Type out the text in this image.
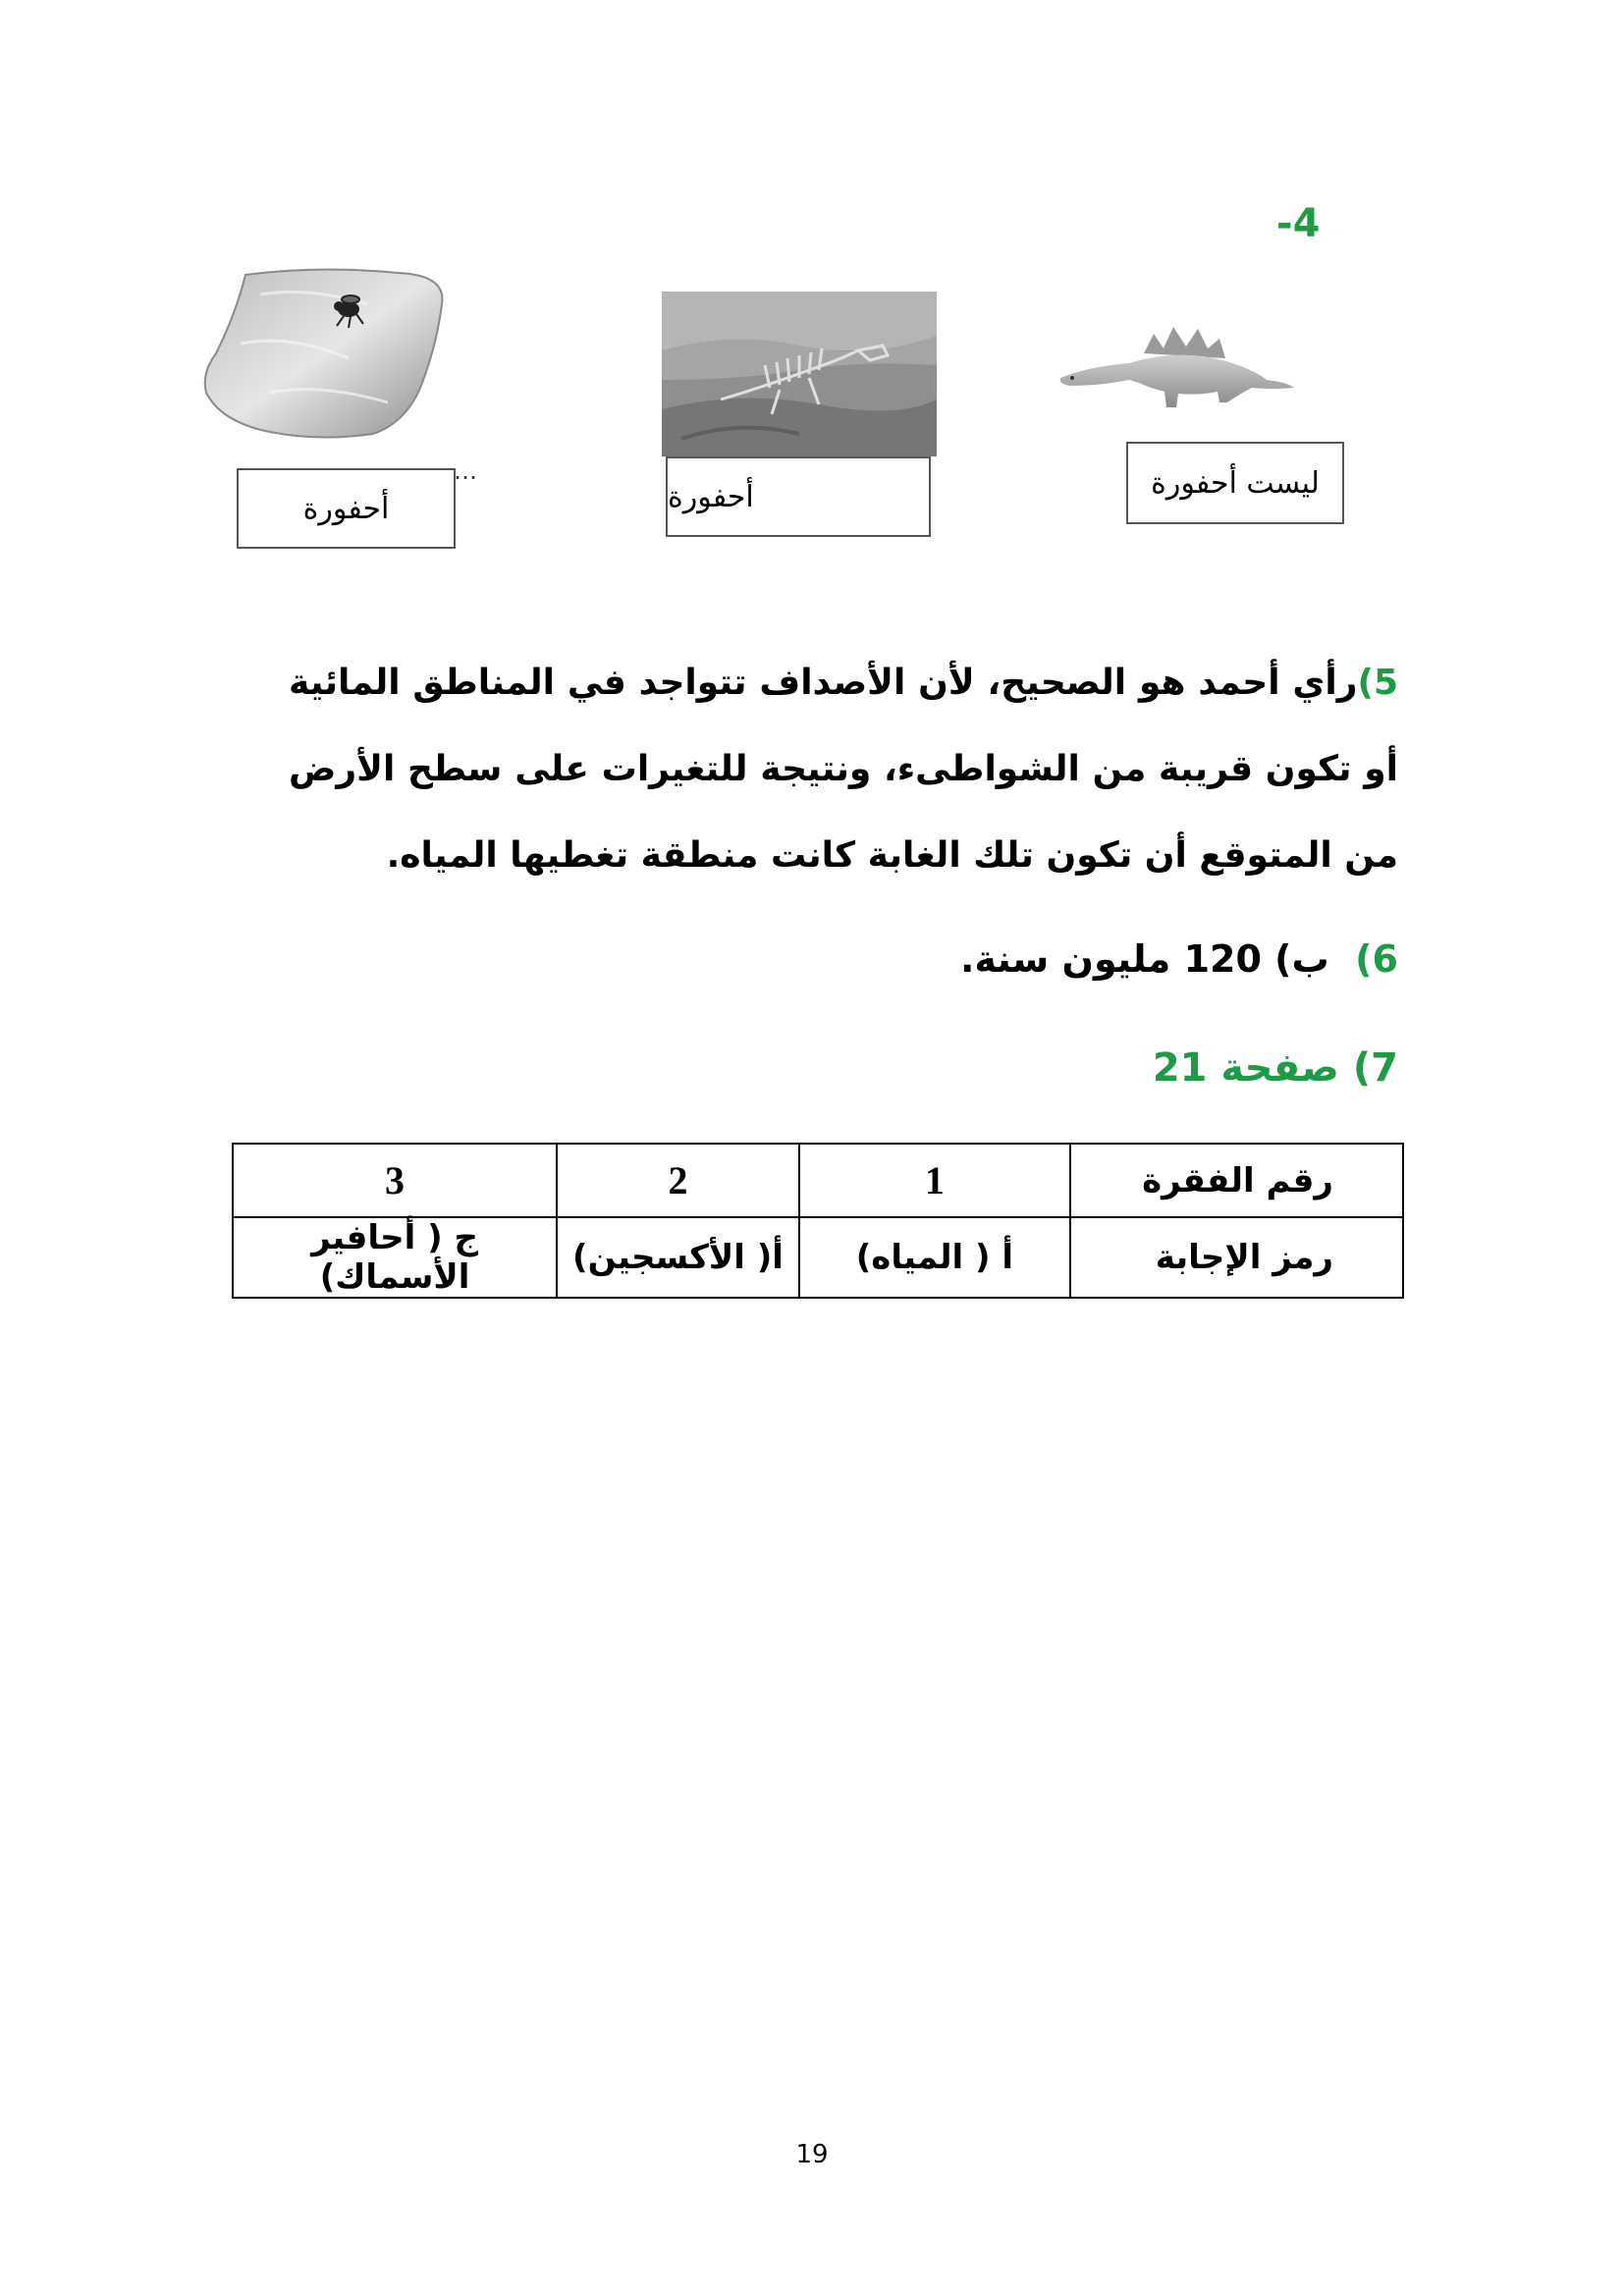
-4
ليست أحفورة
أحفورة
أحفورة
…
5)رأي أحمد هو الصحيح، لأن الأصداف تتواجد في المناطق المائية أو تكون قريبة من الشواطىء، ونتيجة للتغيرات على سطح الأرض من المتوقع أن تكون تلك الغابة كانت منطقة تغطيها المياه.
6)  ب) 120 مليون سنة.
7) صفحة 21
رقم الفقرة	1	2	3
رمز الإجابة	أ ( المياه)	أ( الأكسجين)	ج ( أحافير الأسماك)
19
